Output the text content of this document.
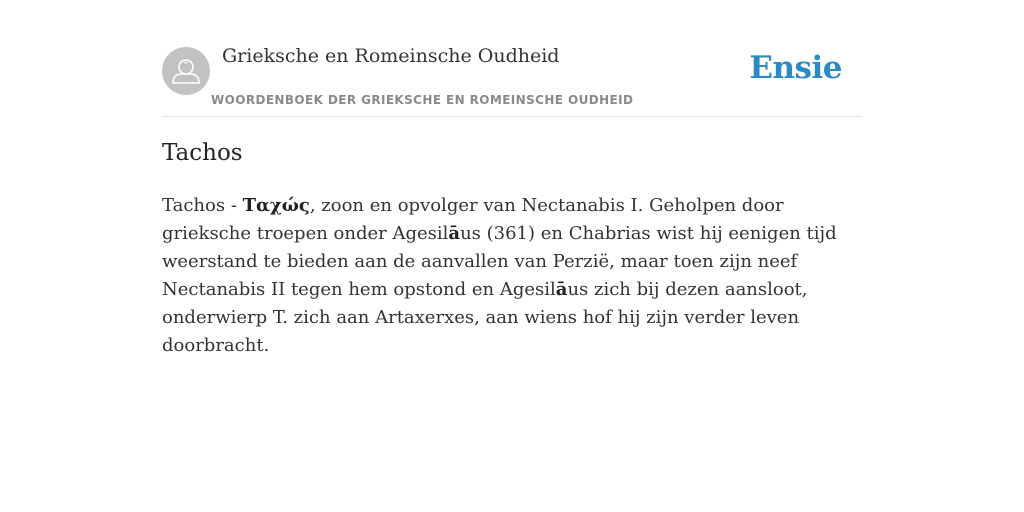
Grieksche en Romeinsche Oudheid
WOORDENBOEK DER GRIEKSCHE EN ROMEINSCHE OUDHEID
Ensie
Tachos

Tachos - Ταχώς, zoon en opvolger van Nectanabis I. Geholpen door grieksche troepen onder Agesilāus (361) en Chabrias wist hij eenigen tijd weerstand te bieden aan de aanvallen van Perzië, maar toen zijn neef Nectanabis II tegen hem opstond en Agesilāus zich bij dezen aansloot, onderwierp T. zich aan Artaxerxes, aan wiens hof hij zijn verder leven doorbracht.
